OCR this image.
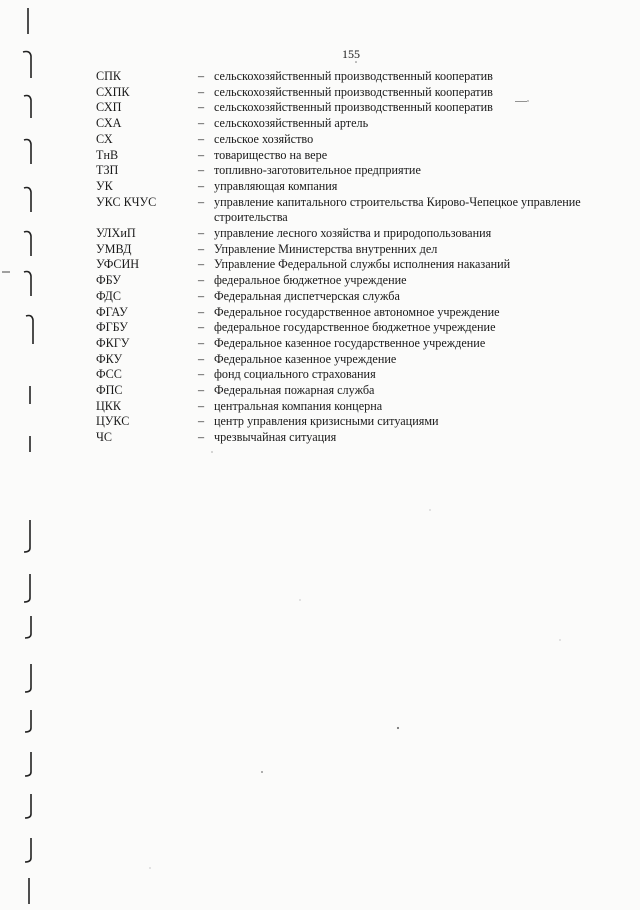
155
СПК	– сельскохозяйственный производственный кооператив
СХПК	– сельскохозяйственный производственный кооператив
СХП	– сельскохозяйственный производственный кооператив
СХА	– сельскохозяйственный артель
СХ	– сельское хозяйство
ТнВ	– товарищество на вере
ТЗП	– топливно-заготовительное предприятие
УК	– управляющая компания
УКС КЧУС	– управление капитального строительства Кирово-Чепецкое управление строительства
УЛХиП	– управление лесного хозяйства и природопользования
УМВД	– Управление Министерства внутренних дел
УФСИН	– Управление Федеральной службы исполнения наказаний
ФБУ	– федеральное бюджетное учреждение
ФДС	– Федеральная диспетчерская служба
ФГАУ	– Федеральное государственное автономное учреждение
ФГБУ	– федеральное государственное бюджетное учреждение
ФКГУ	– Федеральное казенное государственное учреждение
ФКУ	– Федеральное казенное учреждение
ФСС	– фонд социального страхования
ФПС	– Федеральная пожарная служба
ЦКК	– центральная компания концерна
ЦУКС	– центр управления кризисными ситуациями
ЧС	– чрезвычайная ситуация
